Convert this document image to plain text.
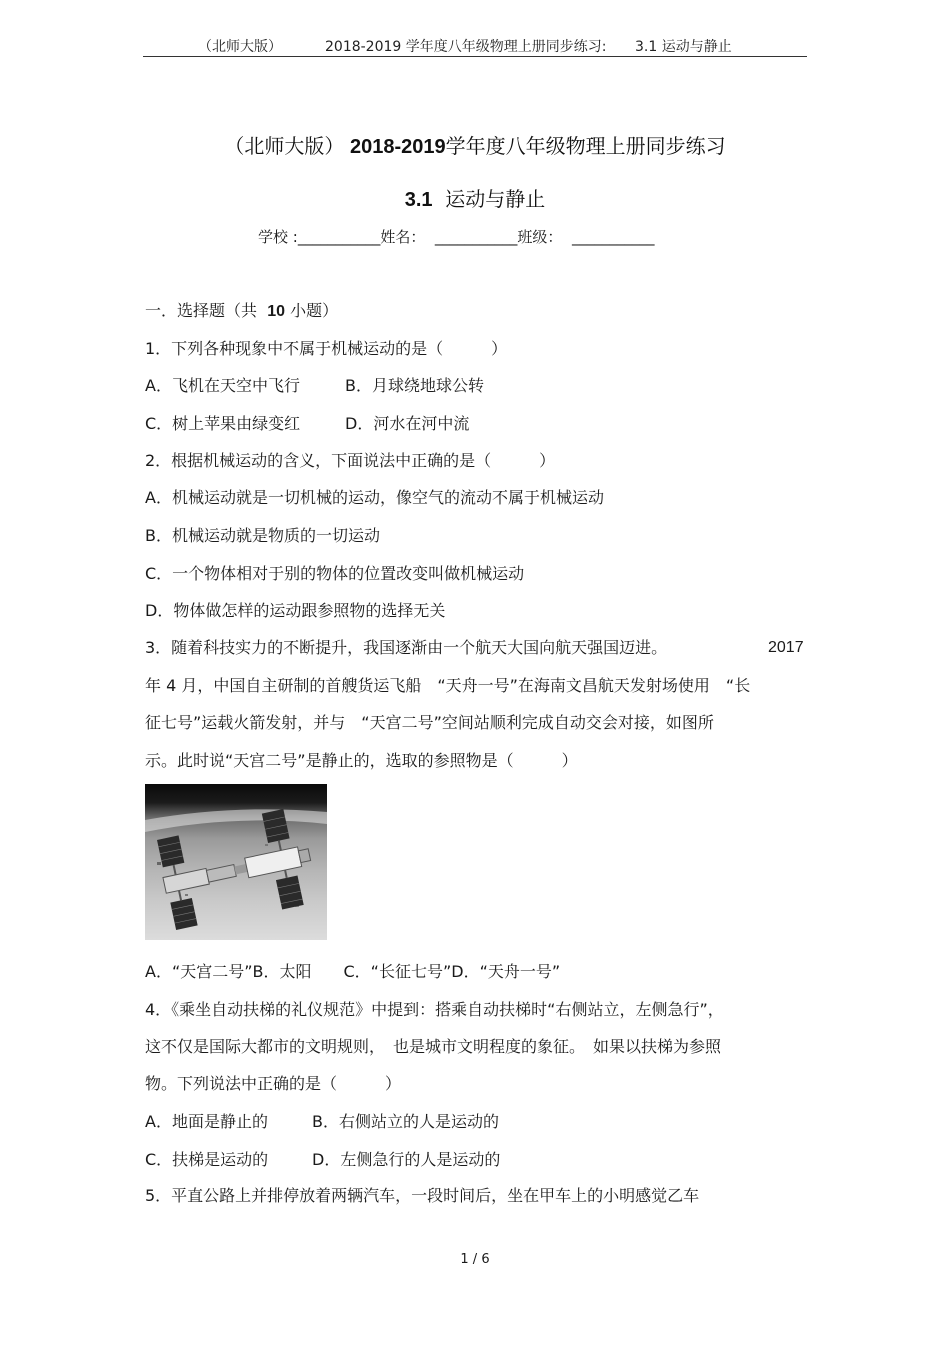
（北师大版）	2018-2019 学年度八年级物理上册同步练习: 3.1 运动与静止
（北师大版） 2018-2019学年度八年级物理上册同步练习
3.1 运动与静止
学校 :___________姓名： ___________班级： ___________
一．选择题（共 10 小题）
1．下列各种现象中不属于机械运动的是（　　　）
A．飞机在天空中飞行	B．月球绕地球公转
C．树上苹果由绿变红	D．河水在河中流
2．根据机械运动的含义，下面说法中正确的是（　　　）
A．机械运动就是一切机械的运动，像空气的流动不属于机械运动
B．机械运动就是物质的一切运动
C．一个物体相对于别的物体的位置改变叫做机械运动
D．物体做怎样的运动跟参照物的选择无关
3．随着科技实力的不断提升，我国逐渐由一个航天大国向航天强国迈进。	2017
年 4 月，中国自主研制的首艘货运飞船　“天舟一号”在海南文昌航天发射场使用　“长
征七号”运载火箭发射，并与　“天宫二号”空间站顺利完成自动交会对接，如图所
示。此时说“天宫二号”是静止的，选取的参照物是（　　　）
A．“天宫二号”B．太阳　　C．“长征七号”D．“天舟一号”
4．《乘坐自动扶梯的礼仪规范》中提到：搭乘自动扶梯时“右侧站立，左侧急行”，
这不仅是国际大都市的文明规则，　也是城市文明程度的象征。　如果以扶梯为参照
物。下列说法中正确的是（　　　）
A．地面是静止的	B．右侧站立的人是运动的
C．扶梯是运动的	D．左侧急行的人是运动的
5．平直公路上并排停放着两辆汽车，一段时间后，坐在甲车上的小明感觉乙车
1 / 6
